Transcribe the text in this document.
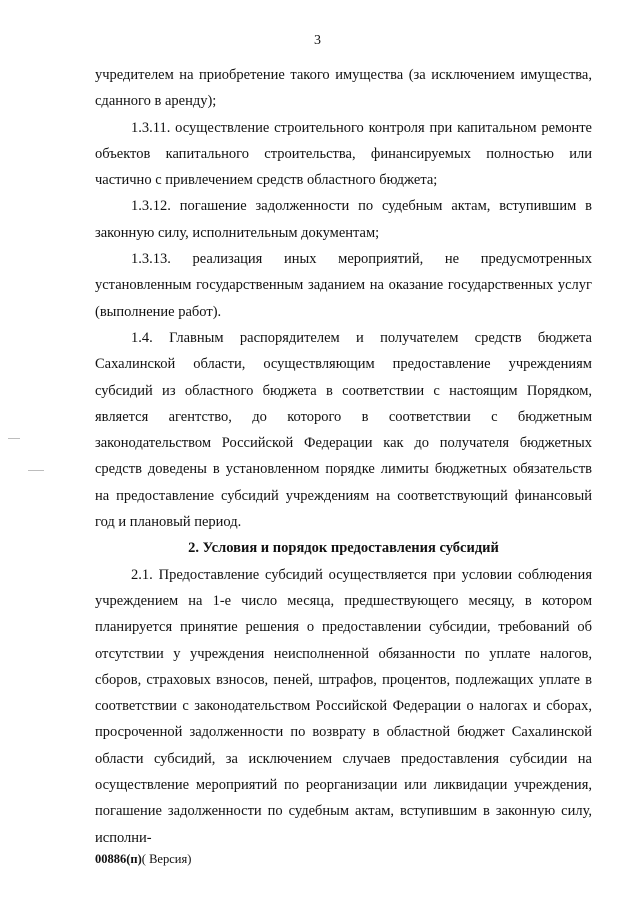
3

учредителем на приобретение такого имущества (за исключением имущества, сданного в аренду);

1.3.11. осуществление строительного контроля при капитальном ремонте объектов капитального строительства, финансируемых полностью или частично с привлечением средств областного бюджета;

1.3.12. погашение задолженности по судебным актам, вступившим в законную силу, исполнительным документам;

1.3.13. реализация иных мероприятий, не предусмотренных установленным государственным заданием на оказание государственных услуг (выполнение работ).

1.4. Главным распорядителем и получателем средств бюджета Сахалинской области, осуществляющим предоставление учреждениям субсидий из областного бюджета в соответствии с настоящим Порядком, является агентство, до которого в соответствии с бюджетным законодательством Российской Федерации как до получателя бюджетных средств доведены в установленном порядке лимиты бюджетных обязательств на предоставление субсидий учреждениям на соответствующий финансовый год и плановый период.

2. Условия и порядок предоставления субсидий

2.1. Предоставление субсидий осуществляется при условии соблюдения учреждением на 1-е число месяца, предшествующего месяцу, в котором планируется принятие решения о предоставлении субсидии, требований об отсутствии у учреждения неисполненной обязанности по уплате налогов, сборов, страховых взносов, пеней, штрафов, процентов, подлежащих уплате в соответствии с законодательством Российской Федерации о налогах и сборах, просроченной задолженности по возврату в областной бюджет Сахалинской области субсидий, за исключением случаев предоставления субсидии на осуществление мероприятий по реорганизации или ликвидации учреждения, погашение задолженности по судебным актам, вступившим в законную силу, исполни-

00886(п)( Версия)
